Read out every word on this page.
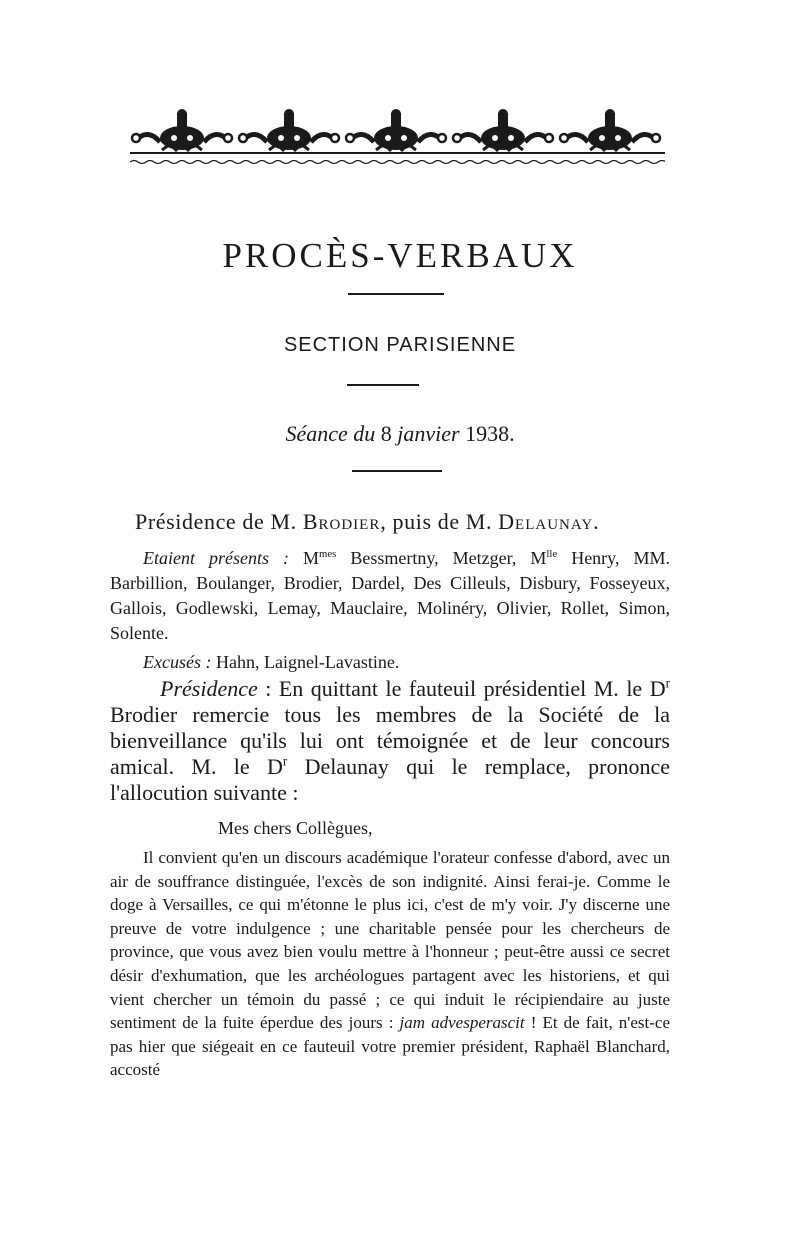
PROCÈS-VERBAUX
SECTION PARISIENNE
Séance du 8 janvier 1938.
Présidence de M. Brodier, puis de M. Delaunay.

Etaient présents : $M^{mes}$ Bessmertny, Metzger, $M^{lle}$ Henry, MM. Barbillion, Boulanger, Brodier, Dardel, Des Cilleuls, Disbury, Fosseyeux, Gallois, Godlewski, Lemay, Mauclaire, Molinéry, Olivier, Rollet, Simon, Solente.

Excusés : Hahn, Laignel-Lavastine.

Présidence : En quittant le fauteuil présidentiel M. le $D^r$ Brodier remercie tous les membres de la Société de la bienveillance qu'ils lui ont témoignée et de leur concours amical. M. le $D^r$ Delaunay qui le remplace, prononce l'allocution suivante :

Mes chers Collègues,

Il convient qu'en un discours académique l'orateur confesse d'abord, avec un air de souffrance distinguée, l'excès de son indignité. Ainsi ferai-je. Comme le doge à Versailles, ce qui m'étonne le plus ici, c'est de m'y voir. J'y discerne une preuve de votre indulgence ; une charitable pensée pour les chercheurs de province, que vous avez bien voulu mettre à l'honneur ; peut-être aussi ce secret désir d'exhumation, que les archéologues partagent avec les historiens, et qui vient chercher un témoin du passé ; ce qui induit le récipiendaire au juste sentiment de la fuite éperdue des jours : jam advesperascit ! Et de fait, n'est-ce pas hier que siégeait en ce fauteuil votre premier président, Raphaël Blanchard, accosté
